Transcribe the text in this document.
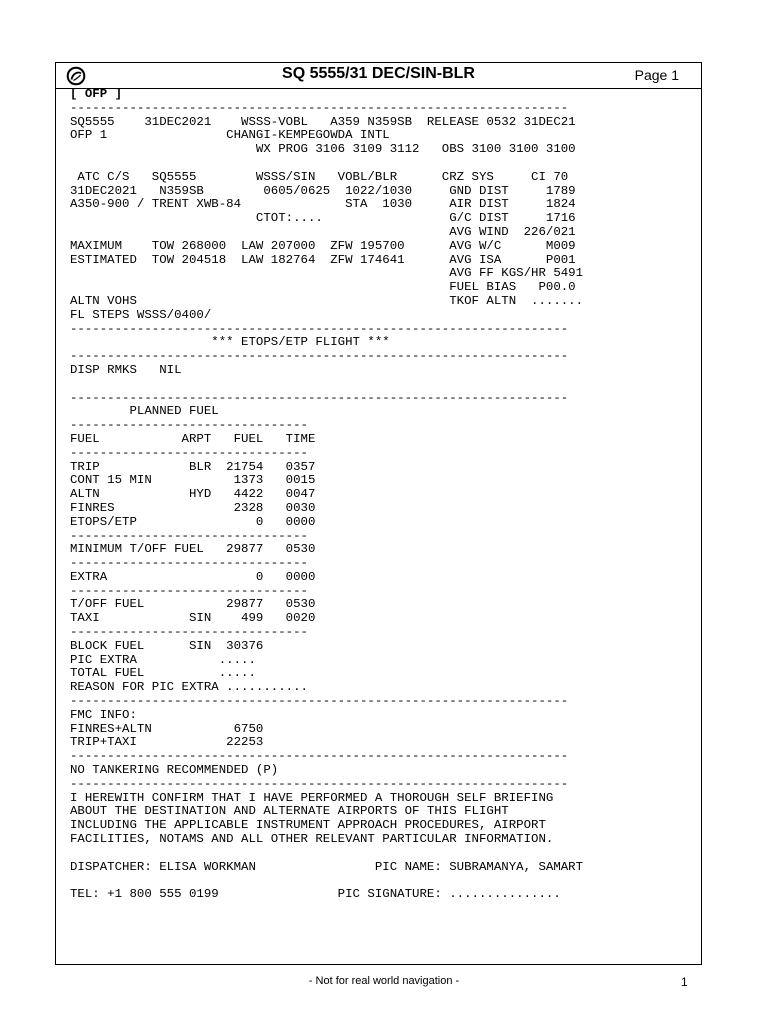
SQ 5555/31 DEC/SIN-BLR	Page 1
[ OFP ]
-------------------------------------------------------------------
SQ5555    31DEC2021    WSSS-VOBL   A359 N359SB  RELEASE 0532 31DEC21
OFP 1                CHANGI-KEMPEGOWDA INTL
WX PROG 3106 3109 3112   OBS 3100 3100 3100

ATC C/S   SQ5555        WSSS/SIN   VOBL/BLR      CRZ SYS     CI 70
31DEC2021   N359SB        0605/0625  1022/1030     GND DIST     1789
A350-900 / TRENT XWB-84              STA  1030     AIR DIST     1824
CTOT:....                 G/C DIST     1716
AVG WIND  226/021
MAXIMUM    TOW 268000  LAW 207000  ZFW 195700      AVG W/C      M009
ESTIMATED  TOW 204518  LAW 182764  ZFW 174641      AVG ISA      P001
AVG FF KGS/HR 5491
FUEL BIAS   P00.0
ALTN VOHS                                          TKOF ALTN  .......
FL STEPS WSSS/0400/
-------------------------------------------------------------------
*** ETOPS/ETP FLIGHT ***
-------------------------------------------------------------------
DISP RMKS   NIL

-------------------------------------------------------------------
PLANNED FUEL
--------------------------------
FUEL           ARPT   FUEL   TIME
--------------------------------
TRIP            BLR  21754   0357
CONT 15 MIN           1373   0015
ALTN            HYD   4422   0047
FINRES                2328   0030
ETOPS/ETP                0   0000
--------------------------------
MINIMUM T/OFF FUEL   29877   0530
--------------------------------
EXTRA                    0   0000
--------------------------------
T/OFF FUEL           29877   0530
TAXI            SIN    499   0020
--------------------------------
BLOCK FUEL      SIN  30376
PIC EXTRA           .....
TOTAL FUEL          .....
REASON FOR PIC EXTRA ...........
-------------------------------------------------------------------
FMC INFO:
FINRES+ALTN           6750
TRIP+TAXI            22253
-------------------------------------------------------------------
NO TANKERING RECOMMENDED (P)
-------------------------------------------------------------------
I HEREWITH CONFIRM THAT I HAVE PERFORMED A THOROUGH SELF BRIEFING
ABOUT THE DESTINATION AND ALTERNATE AIRPORTS OF THIS FLIGHT
INCLUDING THE APPLICABLE INSTRUMENT APPROACH PROCEDURES, AIRPORT
FACILITIES, NOTAMS AND ALL OTHER RELEVANT PARTICULAR INFORMATION.

DISPATCHER: ELISA WORKMAN                PIC NAME: SUBRAMANYA, SAMART

TEL: +1 800 555 0199                PIC SIGNATURE: ...............

- Not for real world navigation -	1
